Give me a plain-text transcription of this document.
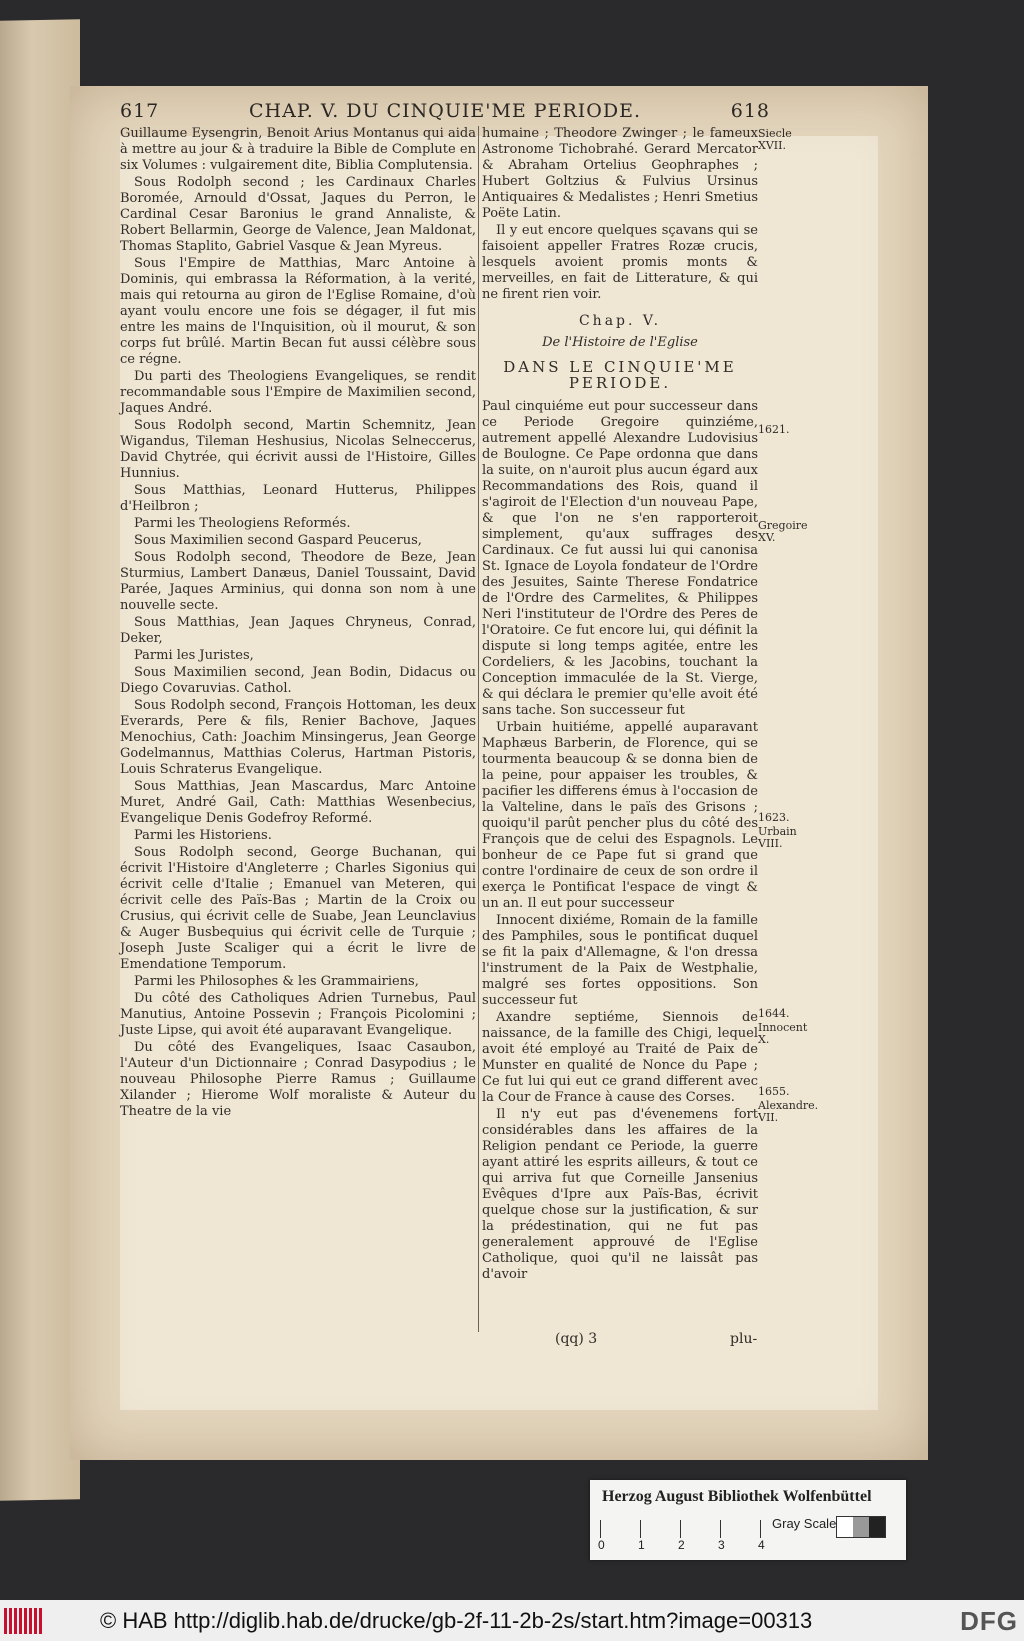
617	CHAP. V. DU CINQUIE'ME PERIODE.	618

Guillaume Eysengrin, Benoit Arius Montanus qui aida à mettre au jour & à traduire la Bible de Complute en six Volumes : vulgairement dite, Biblia Complutensia.

Sous Rodolph second ; les Cardinaux Charles Boromée, Arnould d'Ossat, Jaques du Perron, le Cardinal Cesar Baronius le grand Annaliste, & Robert Bellarmin, George de Valence, Jean Maldonat, Thomas Staplito, Gabriel Vasque & Jean Myreus.

Sous l'Empire de Matthias, Marc Antoine à Dominis, qui embrassa la Réformation, à la verité, mais qui retourna au giron de l'Eglise Romaine, d'où ayant voulu encore une fois se dégager, il fut mis entre les mains de l'Inquisition, où il mourut, & son corps fut brûlé. Martin Becan fut aussi célèbre sous ce régne.

Du parti des Theologiens Evangeliques, se rendit recommandable sous l'Empire de Maximilien second, Jaques André.

Sous Rodolph second, Martin Schemnitz, Jean Wigandus, Tileman Heshusius, Nicolas Selneccerus, David Chytrée, qui écrivit aussi de l'Histoire, Gilles Hunnius.

Sous Matthias, Leonard Hutterus, Philippes d'Heilbron ;

Parmi les Theologiens Reformés.

Sous Maximilien second Gaspard Peucerus,

Sous Rodolph second, Theodore de Beze, Jean Sturmius, Lambert Danæus, Daniel Toussaint, David Parée, Jaques Arminius, qui donna son nom à une nouvelle secte.

Sous Matthias, Jean Jaques Chryneus, Conrad, Deker,

Parmi les Juristes,

Sous Maximilien second, Jean Bodin, Didacus ou Diego Covaruvias. Cathol.

Sous Rodolph second, François Hottoman, les deux Everards, Pere & fils, Renier Bachove, Jaques Menochius, Cath: Joachim Minsingerus, Jean George Godelmannus, Matthias Colerus, Hartman Pistoris, Louis Schraterus Evangelique.

Sous Matthias, Jean Mascardus, Marc Antoine Muret, André Gail, Cath: Matthias Wesenbecius, Evangelique Denis Godefroy Reformé.

Parmi les Historiens.

Sous Rodolph second, George Buchanan, qui écrivit l'Histoire d'Angleterre ; Charles Sigonius qui écrivit celle d'Italie ; Emanuel van Meteren, qui écrivit celle des Païs-Bas ; Martin de la Croix ou Crusius, qui écrivit celle de Suabe, Jean Leunclavius & Auger Busbequius qui écrivit celle de Turquie ; Joseph Juste Scaliger qui a écrit le livre de Emendatione Temporum.

Parmi les Philosophes & les Grammairiens,

Du côté des Catholiques Adrien Turnebus, Paul Manutius, Antoine Possevin ; François Picolomini ; Juste Lipse, qui avoit été auparavant Evangelique.

Du côté des Evangeliques, Isaac Casaubon, l'Auteur d'un Dictionnaire ; Conrad Dasypodius ; le nouveau Philosophe Pierre Ramus ; Guillaume Xilander ; Hierome Wolf moraliste & Auteur du Theatre de la vie

humaine ; Theodore Zwinger ; le fameux Astronome Tichobrahé. Gerard Mercator & Abraham Ortelius Geophraphes ; Hubert Goltzius & Fulvius Ursinus Antiquaires & Medalistes ; Henri Smetius Poëte Latin.

Il y eut encore quelques sçavans qui se faisoient appeller Fratres Rozæ crucis, lesquels avoient promis monts & merveilles, en fait de Litterature, & qui ne firent rien voir.

Chap. V.

De l'Histoire de l'Eglise

DANS LE CINQUIE'ME PERIODE.

Paul cinquiéme eut pour successeur dans ce Periode Gregoire quinziéme, autrement appellé Alexandre Ludovisius de Boulogne. Ce Pape ordonna que dans la suite, on n'auroit plus aucun égard aux Recommandations des Rois, quand il s'agiroit de l'Election d'un nouveau Pape, & que l'on ne s'en rapporteroit simplement, qu'aux suffrages des Cardinaux. Ce fut aussi lui qui canonisa St. Ignace de Loyola fondateur de l'Ordre des Jesuites, Sainte Therese Fondatrice de l'Ordre des Carmelites, & Philippes Neri l'instituteur de l'Ordre des Peres de l'Oratoire. Ce fut encore lui, qui définit la dispute si long temps agitée, entre les Cordeliers, & les Jacobins, touchant la Conception immaculée de la St. Vierge, & qui déclara le premier qu'elle avoit été sans tache. Son successeur fut

Urbain huitiéme, appellé auparavant Maphæus Barberin, de Florence, qui se tourmenta beaucoup & se donna bien de la peine, pour appaiser les troubles, & pacifier les differens émus à l'occasion de la Valteline, dans le païs des Grisons ; quoiqu'il parût pencher plus du côté des François que de celui des Espagnols. Le bonheur de ce Pape fut si grand que contre l'ordinaire de ceux de son ordre il exerça le Pontificat l'espace de vingt & un an. Il eut pour successeur

Innocent dixiéme, Romain de la famille des Pamphiles, sous le pontificat duquel se fit la paix d'Allemagne, & l'on dressa l'instrument de la Paix de Westphalie, malgré ses fortes oppositions. Son successeur fut

Axandre septiéme, Siennois de naissance, de la famille des Chigi, lequel avoit été employé au Traité de Paix de Munster en qualité de Nonce du Pape ; Ce fut lui qui eut ce grand different avec la Cour de France à cause des Corses.

Il n'y eut pas d'évenemens fort considérables dans les affaires de la Religion pendant ce Periode, la guerre ayant attiré les esprits ailleurs, & tout ce qui arriva fut que Corneille Jansenius Evêques d'Ipre aux Païs-Bas, écrivit quelque chose sur la justification, & sur la prédestination, qui ne fut pas generalement approuvé de l'Eglise Catholique, quoi qu'il ne laissât pas d'avoir

Siecle XVII.
1621.
Gregoire XV.
1623.
Urbain VIII.
1644.
Innocent X.
1655.
Alexandre. VII.
(qq) 3	plu-
Herzog August Bibliothek Wolfenbüttel
0	1	2	3	4
Gray Scale
© HAB http://diglib.hab.de/drucke/gb-2f-11-2b-2s/start.htm?image=00313	DFG
